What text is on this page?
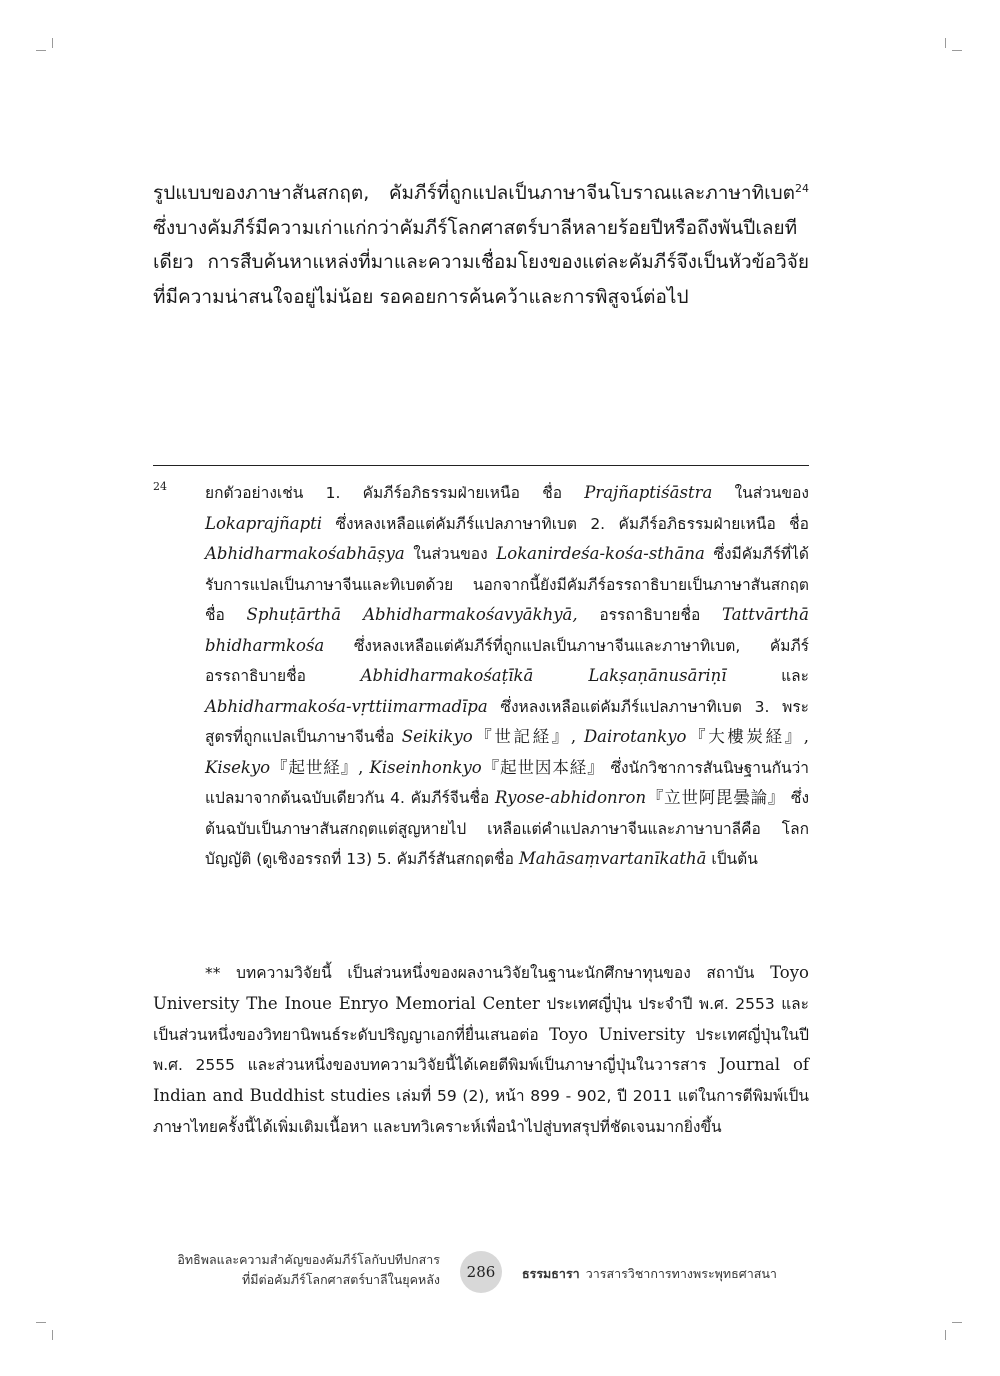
รูปแบบของภาษาสันสกฤต, คัมภีร์ที่ถูกแปลเป็นภาษาจีนโบราณและภาษาทิเบต$^{24}$ ซึ่งบางคัมภีร์มีความเก่าแก่กว่าคัมภีร์โลกศาสตร์บาลีหลายร้อยปีหรือถึงพันปีเลยทีเดียว การสืบค้นหาแหล่งที่มาและความเชื่อมโยงของแต่ละคัมภีร์จึงเป็นหัวข้อวิจัยที่มีความน่าสนใจอยู่ไม่น้อย รอคอยการค้นคว้าและการพิสูจน์ต่อไป

24 ยกตัวอย่างเช่น 1. คัมภีร์อภิธรรมฝ่ายเหนือ ชื่อ Prajñaptiśāstra ในส่วนของ Lokaprajñapti ซึ่งหลงเหลือแต่คัมภีร์แปลภาษาทิเบต 2. คัมภีร์อภิธรรมฝ่ายเหนือ ชื่อ Abhidharmakośabhāṣya ในส่วนของ Lokanirdeśa-kośa-sthāna ซึ่งมีคัมภีร์ที่ได้รับการแปลเป็นภาษาจีนและทิเบตด้วย นอกจากนี้ยังมีคัมภีร์อรรถาธิบายเป็นภาษาสันสกฤตชื่อ Sphuṭārthā Abhidharmakośavyākhyā, อรรถาธิบายชื่อ Tattvārthā bhidharmkośa ซึ่งหลงเหลือแต่คัมภีร์ที่ถูกแปลเป็นภาษาจีนและภาษาทิเบต, คัมภีร์อรรถาธิบายชื่อ Abhidharmakośaṭīkā Lakṣaṇānusāriṇī และ Abhidharmakośa-vṛttiimarmadīpa ซึ่งหลงเหลือแต่คัมภีร์แปลภาษาทิเบต 3. พระสูตรที่ถูกแปลเป็นภาษาจีนชื่อ Seikikyo『世記経』, Dairotankyo『大樓炭経』, Kisekyo『起世経』, Kiseinhonkyo『起世因本経』 ซึ่งนักวิชาการสันนิษฐานกันว่าแปลมาจากต้นฉบับเดียวกัน 4. คัมภีร์จีนชื่อ Ryose-abhidonron『立世阿毘曇論』 ซึ่งต้นฉบับเป็นภาษาสันสกฤตแต่สูญหายไป เหลือแต่คำแปลภาษาจีนและภาษาบาลีคือ โลกบัญญัติ (ดูเชิงอรรถที่ 13) 5. คัมภีร์สันสกฤตชื่อ Mahāsaṃvartanīkathā เป็นต้น

** บทความวิจัยนี้ เป็นส่วนหนึ่งของผลงานวิจัยในฐานะนักศึกษาทุนของ สถาบัน Toyo University The Inoue Enryo Memorial Center ประเทศญี่ปุ่น ประจำปี พ.ศ. 2553 และเป็นส่วนหนึ่งของวิทยานิพนธ์ระดับปริญญาเอกที่ยื่นเสนอต่อ Toyo University ประเทศญี่ปุ่นในปี พ.ศ. 2555 และส่วนหนึ่งของบทความวิจัยนี้ได้เคยตีพิมพ์เป็นภาษาญี่ปุ่นในวารสาร Journal of Indian and Buddhist studies เล่มที่ 59 (2), หน้า 899 - 902, ปี 2011 แต่ในการตีพิมพ์เป็นภาษาไทยครั้งนี้ได้เพิ่มเติมเนื้อหา และบทวิเคราะห์เพื่อนำไปสู่บทสรุปที่ชัดเจนมากยิ่งขึ้น

อิทธิพลและความสำคัญของคัมภีร์โลกับปทีปกสาร
ที่มีต่อคัมภีร์โลกศาสตร์บาลีในยุคหลัง 286 ธรรมธารา วารสารวิชาการทางพระพุทธศาสนา
